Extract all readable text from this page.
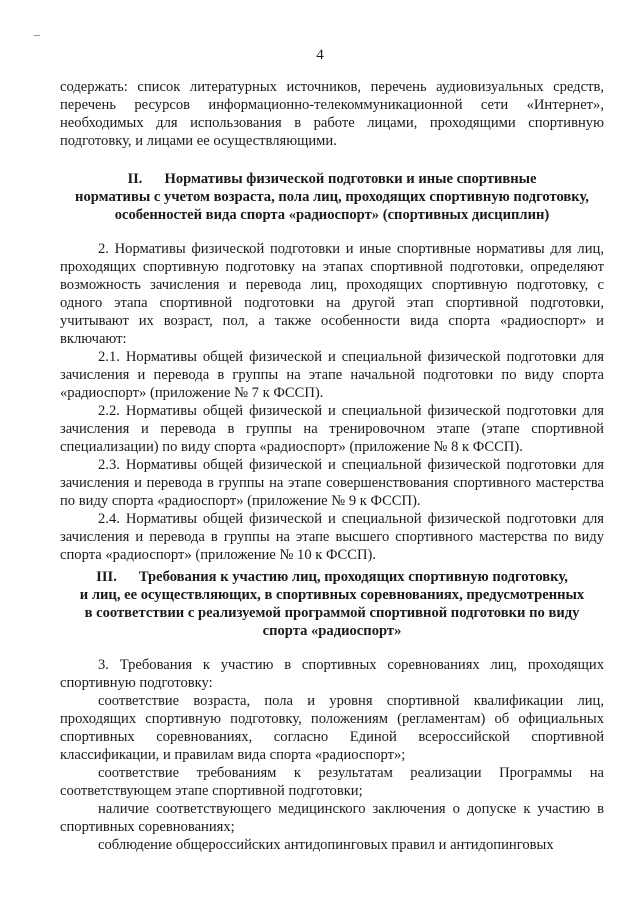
4

содержать: список литературных источников, перечень аудиовизуальных средств, перечень ресурсов информационно-телекоммуникационной сети «Интернет», необходимых для использования в работе лицами, проходящими спортивную подготовку, и лицами ее осуществляющими.

II. Нормативы физической подготовки и иные спортивные
нормативы с учетом возраста, пола лиц, проходящих спортивную подготовку,
особенностей вида спорта «радиоспорт» (спортивных дисциплин)

2. Нормативы физической подготовки и иные спортивные нормативы для лиц, проходящих спортивную подготовку на этапах спортивной подготовки, определяют возможность зачисления и перевода лиц, проходящих спортивную подготовку, с одного этапа спортивной подготовки на другой этап спортивной подготовки, учитывают их возраст, пол, а также особенности вида спорта «радиоспорт» и включают:

2.1. Нормативы общей физической и специальной физической подготовки для зачисления и перевода в группы на этапе начальной подготовки по виду спорта «радиоспорт» (приложение № 7 к ФССП).

2.2. Нормативы общей физической и специальной физической подготовки для зачисления и перевода в группы на тренировочном этапе (этапе спортивной специализации) по виду спорта «радиоспорт» (приложение № 8 к ФССП).

2.3. Нормативы общей физической и специальной физической подготовки для зачисления и перевода в группы на этапе совершенствования спортивного мастерства по виду спорта «радиоспорт» (приложение № 9 к ФССП).

2.4. Нормативы общей физической и специальной физической подготовки для зачисления и перевода в группы на этапе высшего спортивного мастерства по виду спорта «радиоспорт» (приложение № 10 к ФССП).

III. Требования к участию лиц, проходящих спортивную подготовку,
и лиц, ее осуществляющих, в спортивных соревнованиях, предусмотренных
в соответствии с реализуемой программой спортивной подготовки по виду
спорта «радиоспорт»

3. Требования к участию в спортивных соревнованиях лиц, проходящих спортивную подготовку:

соответствие возраста, пола и уровня спортивной квалификации лиц, проходящих спортивную подготовку, положениям (регламентам) об официальных спортивных соревнованиях, согласно Единой всероссийской спортивной классификации, и правилам вида спорта «радиоспорт»;

соответствие требованиям к результатам реализации Программы на соответствующем этапе спортивной подготовки;

наличие соответствующего медицинского заключения о допуске к участию в спортивных соревнованиях;

соблюдение общероссийских антидопинговых правил и антидопинговых
